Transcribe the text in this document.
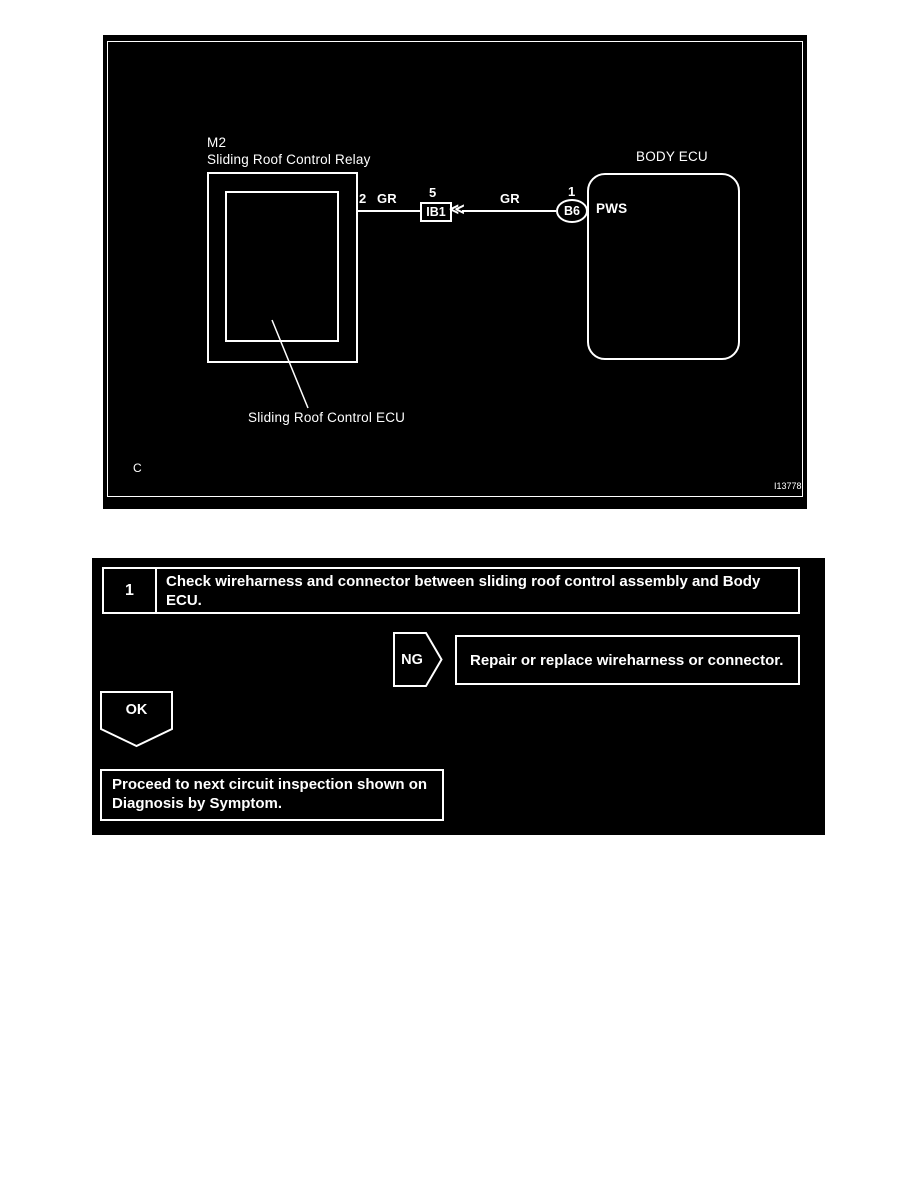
M2
Sliding Roof Control Relay
2 GR 5
IB1 ≪
GR	1
B6
BODY ECU
PWS
Sliding Roof Control ECU
C
I13778
1	Check wireharness and connector between sliding roof control assembly and Body ECU.
NG	Repair or replace wireharness or connector.
OK
Proceed to next circuit inspection shown on
Diagnosis by Symptom.
